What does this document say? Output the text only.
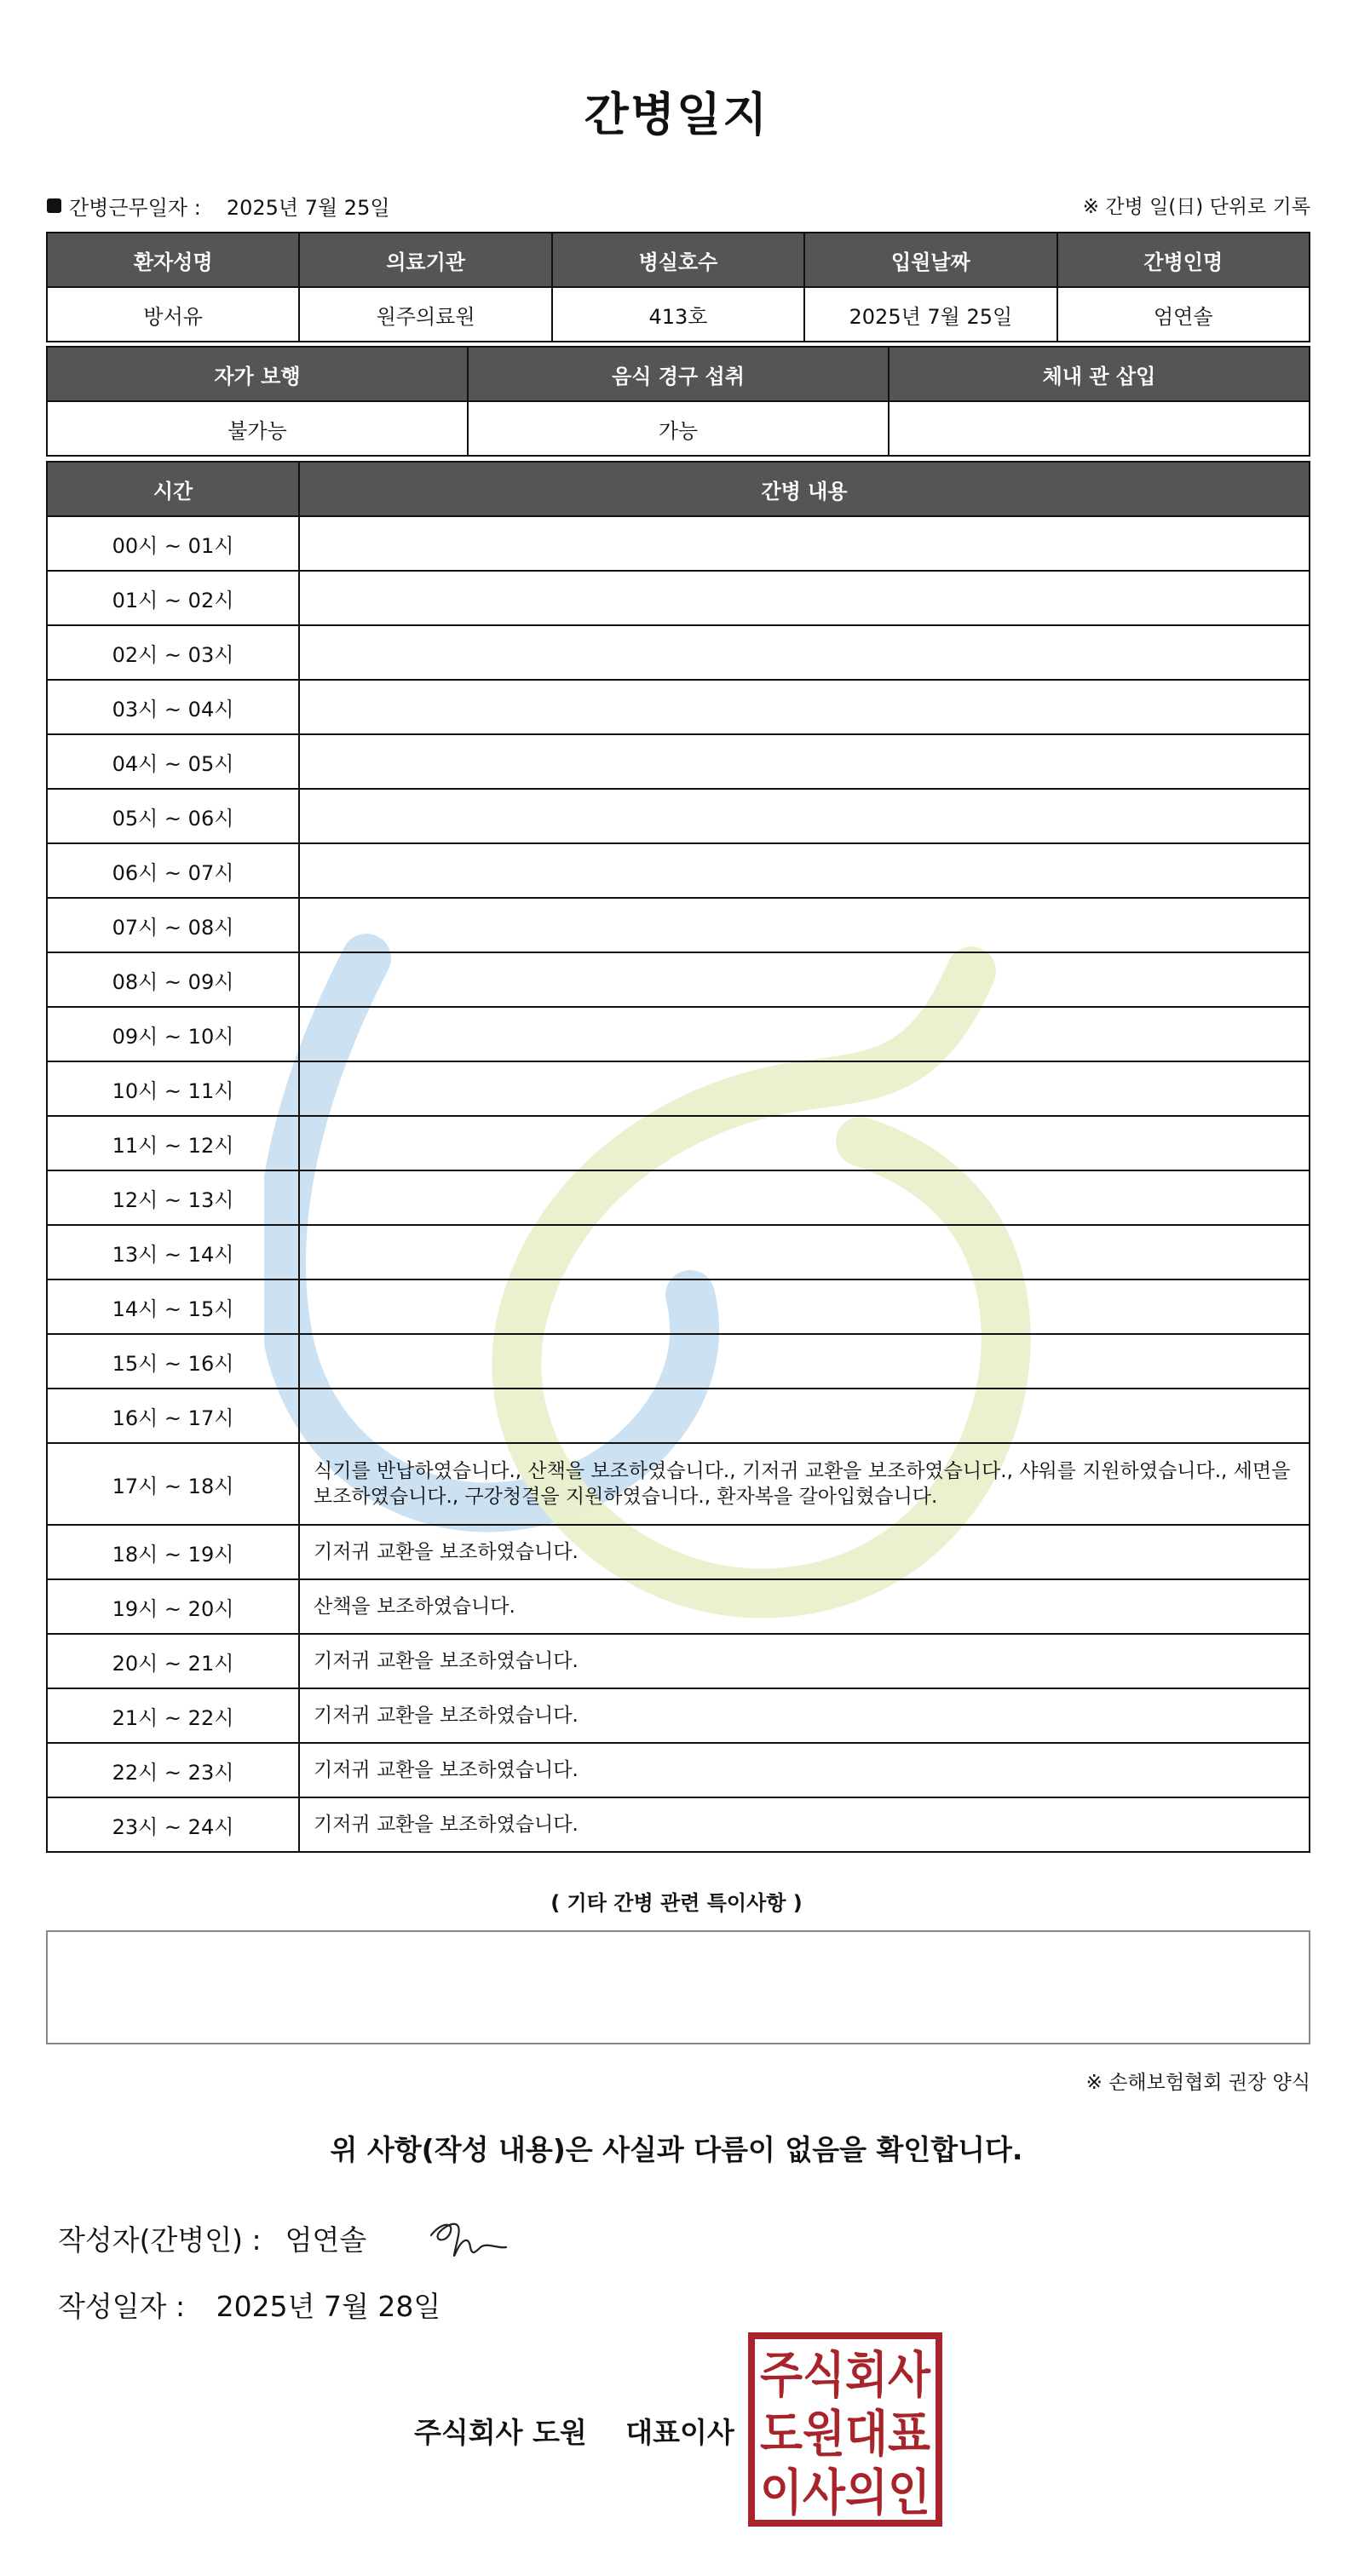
간병일지
간병근무일자 : 2025년 7월 25일	※ 간병 일(日) 단위로 기록
환자성명	의료기관	병실호수	입원날짜	간병인명
방서유	원주의료원	413호	2025년 7월 25일	엄연솔
자가 보행	음식 경구 섭취	체내 관 삽입
불가능	가능	
시간	간병 내용
00시 ~ 01시	
01시 ~ 02시	
02시 ~ 03시	
03시 ~ 04시	
04시 ~ 05시	
05시 ~ 06시	
06시 ~ 07시	
07시 ~ 08시	
08시 ~ 09시	
09시 ~ 10시	
10시 ~ 11시	
11시 ~ 12시	
12시 ~ 13시	
13시 ~ 14시	
14시 ~ 15시	
15시 ~ 16시	
16시 ~ 17시	
17시 ~ 18시	식기를 반납하였습니다., 산책을 보조하였습니다., 기저귀 교환을 보조하였습니다., 샤워를 지원하였습니다., 세면을 보조하였습니다., 구강청결을 지원하였습니다., 환자복을 갈아입혔습니다.
18시 ~ 19시	기저귀 교환을 보조하였습니다.
19시 ~ 20시	산책을 보조하였습니다.
20시 ~ 21시	기저귀 교환을 보조하였습니다.
21시 ~ 22시	기저귀 교환을 보조하였습니다.
22시 ~ 23시	기저귀 교환을 보조하였습니다.
23시 ~ 24시	기저귀 교환을 보조하였습니다.
( 기타 간병 관련 특이사항 )
※ 손해보험협회 권장 양식
위 사항(작성 내용)은 사실과 다름이 없음을 확인합니다.
작성자(간병인) : 엄연솔
작성일자 : 2025년 7월 28일
주식회사 도원 대표이사
주식회사
도원대표
이사의인
